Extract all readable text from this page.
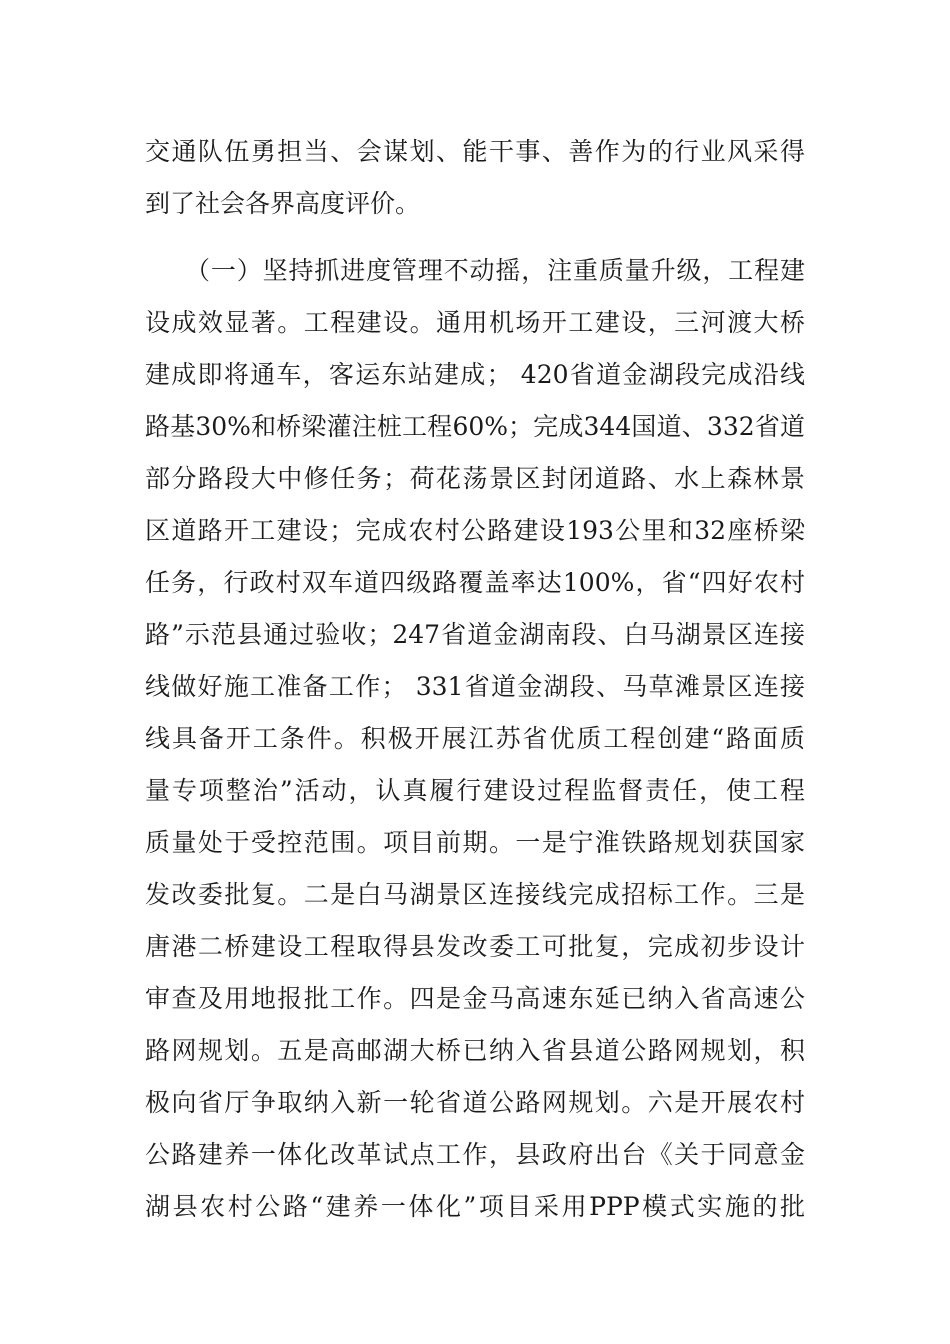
交通队伍勇担当、会谋划、能干事、善作为的行业风采得
到了社会各界高度评价。
（一）坚持抓进度管理不动摇，注重质量升级，工程建
设成效显著。工程建设。通用机场开工建设，三河渡大桥
建成即将通车，客运东站建成； 420省道金湖段完成沿线
路基30%和桥梁灌注桩工程60%；完成344国道、332省道
部分路段大中修任务；荷花荡景区封闭道路、水上森林景
区道路开工建设；完成农村公路建设193公里和32座桥梁
任务，行政村双车道四级路覆盖率达100%，省“四好农村
路”示范县通过验收；247省道金湖南段、白马湖景区连接
线做好施工准备工作； 331省道金湖段、马草滩景区连接
线具备开工条件。积极开展江苏省优质工程创建“路面质
量专项整治”活动，认真履行建设过程监督责任，使工程
质量处于受控范围。项目前期。一是宁淮铁路规划获国家
发改委批复。二是白马湖景区连接线完成招标工作。三是
唐港二桥建设工程取得县发改委工可批复，完成初步设计
审查及用地报批工作。四是金马高速东延已纳入省高速公
路网规划。五是高邮湖大桥已纳入省县道公路网规划，积
极向省厅争取纳入新一轮省道公路网规划。六是开展农村
公路建养一体化改革试点工作，县政府出台《关于同意金
湖县农村公路“建养一体化”项目采用PPP模式实施的批
